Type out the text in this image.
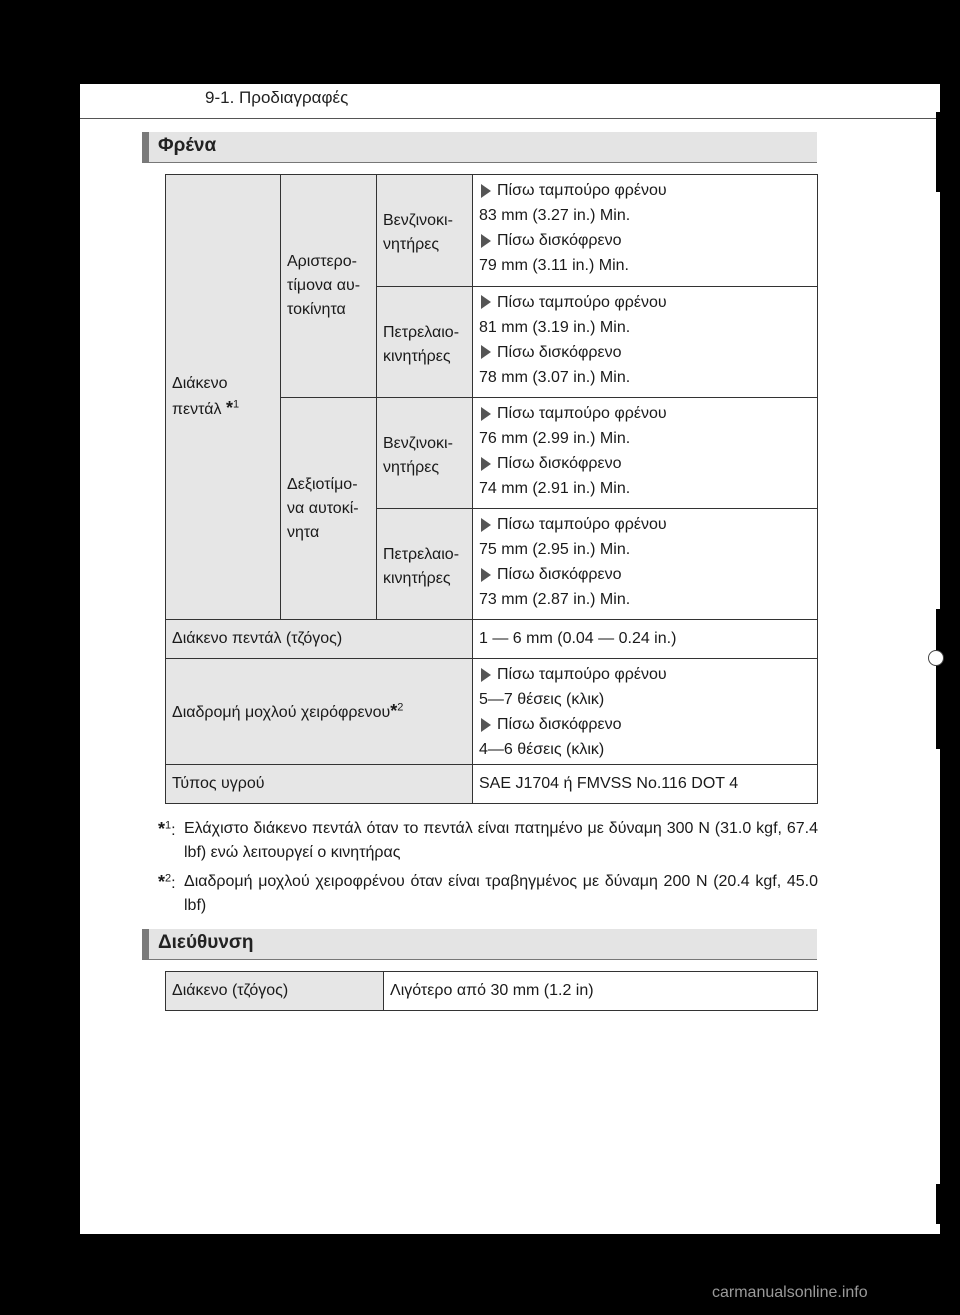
9-1. Προδιαγραφές
Φρένα
Διάκενο πεντάλ *$^1$	Αριστερο-τίμονα αυ-τοκίνητα	Βενζινοκι-νητήρες	Πίσω ταμπούρο φρένου
83 mm (3.27 in.) Min.
Πίσω δισκόφρενο
79 mm (3.11 in.) Min.

		Πετρελαιο-κινητήρες	Πίσω ταμπούρο φρένου
81 mm (3.19 in.) Min.
Πίσω δισκόφρενο
78 mm (3.07 in.) Min.

	Δεξιοτίμο-να αυτοκί-νητα	Βενζινοκι-νητήρες	Πίσω ταμπούρο φρένου
76 mm (2.99 in.) Min.
Πίσω δισκόφρενο
74 mm (2.91 in.) Min.

		Πετρελαιο-κινητήρες	Πίσω ταμπούρο φρένου
75 mm (2.95 in.) Min.
Πίσω δισκόφρενο
73 mm (2.87 in.) Min.

Διάκενο πεντάλ (τζόγος)			1 — 6 mm (0.04 — 0.24 in.)
Διαδρομή μοχλού χειρόφρενου*$^2$			Πίσω ταμπούρο φρένου
5—7 θέσεις (κλικ)
Πίσω δισκόφρενο
4—6 θέσεις (κλικ)

Τύπος υγρού			SAE J1704 ή FMVSS No.116 DOT 4
*$^1$: Ελάχιστο διάκενο πεντάλ όταν το πεντάλ είναι πατημένο με δύναμη 300 N (31.0 kgf, 67.4 lbf) ενώ λειτουργεί ο κινητήρας
*$^2$: Διαδρομή μοχλού χειροφρένου όταν είναι τραβηγμένος με δύναμη 200 N (20.4 kgf, 45.0 lbf)
Διεύθυνση
Διάκενο (τζόγος)	Λιγότερο από 30 mm (1.2 in)
carmanualsonline.info
